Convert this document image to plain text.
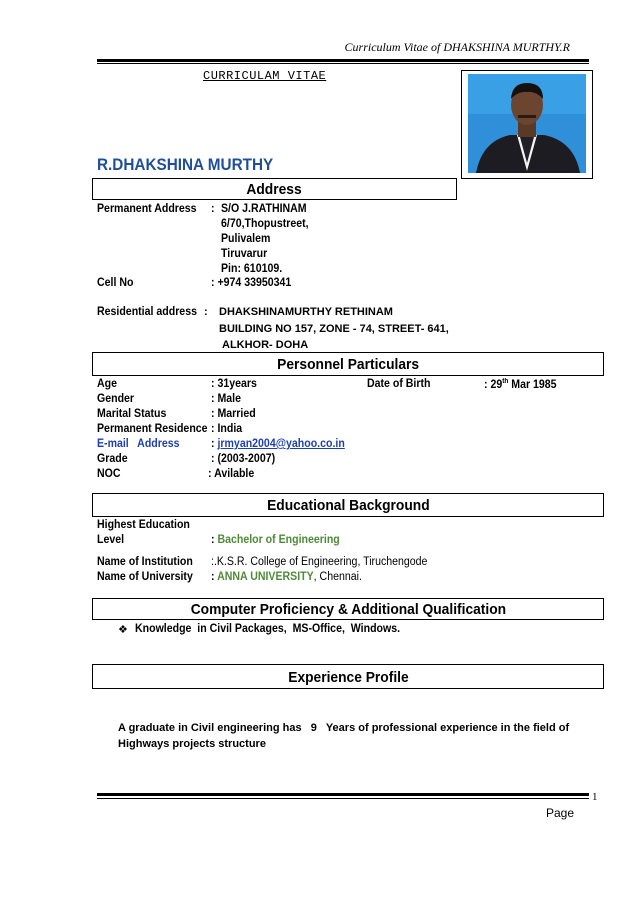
Curriculum Vitae of DHAKSHINA MURTHY.R
CURRICULAM VITAE
R.DHAKSHINA MURTHY
Address
Permanent Address : S/O J.RATHINAM
6/70,Thopustreet,
Pulivalem
Tiruvarur
Pin: 610109.
Cell No	: +974 33950341
Residential address : DHAKSHINAMURTHY RETHINAM
BUILDING NO 157, ZONE - 74, STREET- 641,
ALKHOR- DOHA
Personnel Particulars
Age	: 31years	Date of Birth	: 29th Mar 1985
Gender	: Male
Marital Status	: Married
Permanent Residence : India
E-mail   Address	: jrmyan2004@yahoo.co.in
Grade	: (2003-2007)
NOC	: Avilable
Educational Background
Highest Education
Level	: Bachelor of Engineering
Name of Institution :.K.S.R. College of Engineering, Tiruchengode
Name of University : ANNA UNIVERSITY, Chennai.
Computer Proficiency & Additional Qualification
❖ Knowledge  in Civil Packages,  MS-Office,  Windows.
Experience Profile
A graduate in Civil engineering has   9   Years of professional experience in the field of
Highways projects structure
1
Page
